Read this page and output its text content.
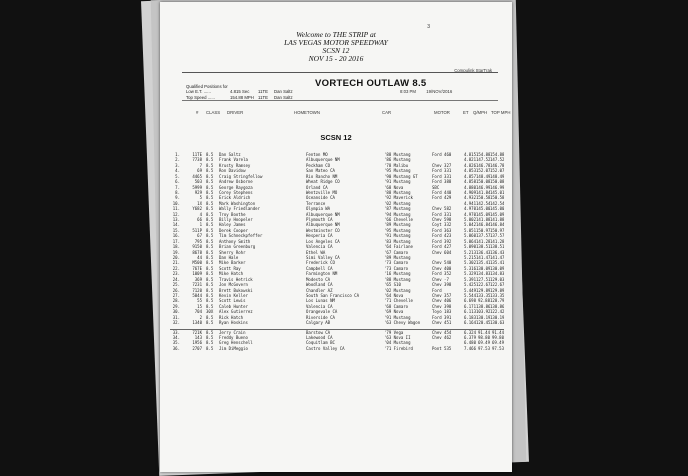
3
Welcome to THE STRIP at
LAS VEGAS MOTOR SPEEDWAY
SCSN 12
NOV 15 - 20 2016
Compulink StarTrak
Qualified Positions for
Low E.T. ......	4.815 Sec	11TE	Dan Saltz
Top Speed ......	154.88 MPH 11TE	Dan Saltz
VORTECH OUTLAW 8.5
8:03 PM 19/NOV/2016
# CLASS DRIVER	HOMETOWN	CAR	MOTOR	ET Q/MPH TOP MPH
SCSN 12
1.	11TE 8.5	Dan Saltz	Fenton MO	'88 Mustang	Ford 460	4.815 154.88 154.88
2.	7738 8.5	Frank Varela	Albuquerque NM	'86 Mustang	4.821 147.52 147.52
3.	7 8.5	Krusty Ramsey	Peckham CO	'78 Malibu	Chev 327	4.826 146.78 146.78
4.	69 8.5	Ron Davidow	San Mateo CA	'95 Mustang	Ford 331	4.853 152.07 152.07
5.	4465 8.5	Craig Stringfellow	Rio Rancho NM	'90 Mustang GT	Ford 331	4.857 148.49 148.49
6.	503 8.5	Andrew Osborne	Wheat Ridge CO	'91 Mustang	Ford 388	4.858 150.08 150.08
7.	5999 8.5	George Raygoza	Orland CA	'68 Nova	SBC	4.880 146.99 146.99
8.	929 8.5	Corey Stephens	Wentzville MO	'88 Mustang	Ford 440	4.909 141.84 145.01
9.	5 8.5	Erick Aldrich	Oceanside CA	'92 Maverick	Ford 429	4.932 150.58 150.58
10.	1X 8.5	Mark Washington	Terrance	'02 Mustang	4.941 142.54 142.54
11.	Y682 8.5	Wally Friedlander	Olympia WA	'87 Mustang	Chev 582	4.970 145.00 145.00
12.	4 8.5	Troy Boothe	Albuquerque NM	'94 Mustang	Ford 331	4.970 145.09 145.09
13.	66 8.5	Billy Hoopeler	Plymouth CA	'66 Chevelle	Chev 598	5.002 141.88 141.88
14.	1 8.5	Haley James	Albuquerque NM	'89 Mustang	Coyt 332	5.042 146.84 146.84
15.	511P 8.5	Derek Cooper	Westminster CO	'95 Mustang	Ford 363	5.051 150.97 150.97
16.	67 8.5	Tim Schneckpfeffer	Hesperia CA	'91 Mustang	Ford 423	5.060 137.57 137.57
17.	795 8.5	Anthony Smith	Los Angeles CA	'83 Mustang	Ford 392	5.064 141.28 141.28
18.	9150 8.5	Brian Greenburg	Valencia CA	'64 Fairlane	Ford 427	5.090 138.51 138.51
19.	8678 8.5	Sherry Rohr	Ethel WA	'67 Camaro	Chev 604	5.213 136.43 136.43
20.	44 8.5	Dan Hale	Simi Valley CA	'89 Mustang	5.215 141.47 141.47
21.	M500 8.5	Mike Barker	Frederick CO	'73 Camaro	Chev 540	5.302 135.41 135.41
22.	767E 8.5	Scott Ray	Campbell CA	'73 Camaro	Chev 400	5.316 130.09 130.09
23.	1009 8.5	Mike Hatch	Farmington NM	'16 Mustang	Ford 352	5.329 134.83 134.83
24.	369 8.5	Travis Hetrick	Modesto CA	'88 Mustang	Chev -7	5.391 127.51 129.03
25.	7231 8.5	Jon McGovern	Woodland CA	'65 S10	Chev 398	5.425 122.67 122.67
26.	7120 8.5	Brett Bukowski	Chandler AZ	'02 Mustang	Ford	5.449 129.89 129.89
27.	5044 8.5	Kevin Keller	South San Francisco CA	'64 Nova	Chev 357	5.544 133.35 133.35
28.	55 8.5	Scott Lewis	Los Lunas NM	'71 Chevelle	Chev 406	6.698 92.88 128.79
29.	15 8.5	Caleb Hunter	Valencia CA	'68 Camaro	Chev 398	6.171 138.86 138.86
30.	704 30X	Alex Gutierrez	Orangevale CA	'69 Nova	Toyo 183	6.113 103.92 122.42
31.	2 8.5	Rick Hatch	Riverside CA	'91 Mustang	Ford 391	6.183 130.19 130.19
32.	1340 8.5	Ryan Hoskins	Calgary AB	'63 Chevy Wagon	Chev 451	6.164 120.45 130.63
33.	721K 8.5	Jerry Crain	Barstow CA	'79 Vega	Chev 454	6.324 91.44 91.44
34.	143 8.5	Freddy Bueno	Lakewood CA	'63 Nova II	Chev 462	6.379 98.80 99.80
35.	1956 8.5	Greg Henschell	Coquitlam BC	'04 Mustang	6.480 69.49 69.49
36.	2707 8.5	Jim DiMeggio	Castro Valley CA	'71 Firebird	Pont 535	7.466 97.53 97.53
